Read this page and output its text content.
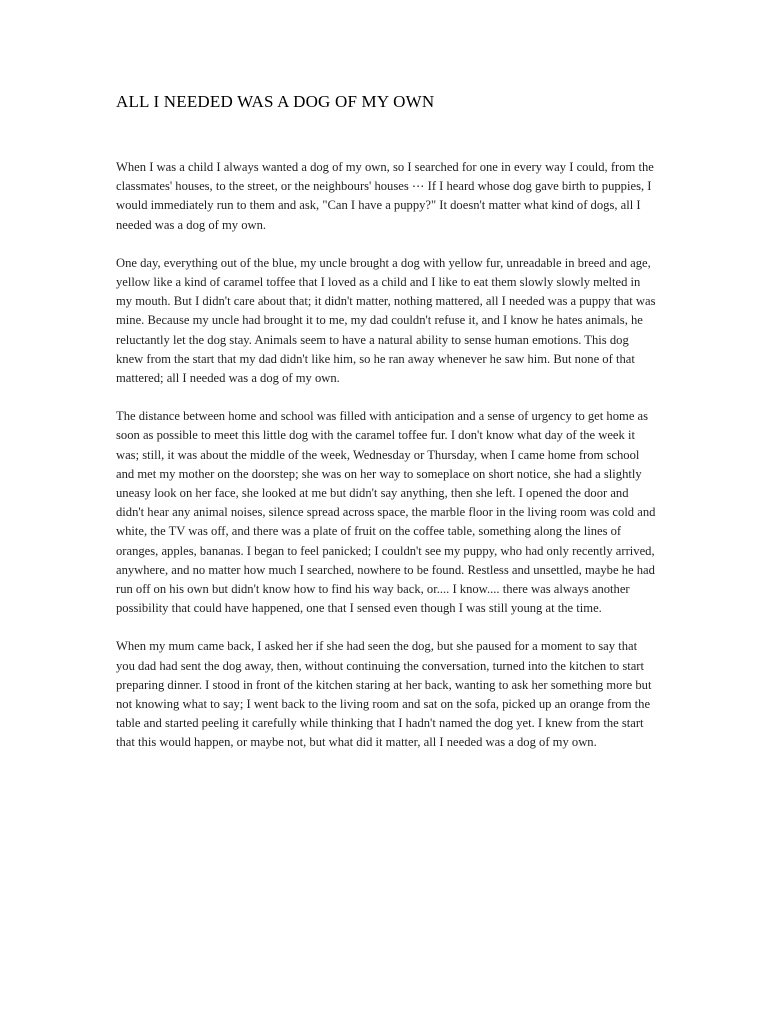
ALL I NEEDED WAS A DOG OF MY OWN

When I was a child I always wanted a dog of my own, so I searched for one in every way I could, from the classmates' houses, to the street, or the neighbours' houses ⋯ If I heard whose dog gave birth to puppies, I would immediately run to them and ask, "Can I have a puppy?" It doesn't matter what kind of dogs, all I needed was a dog of my own.

One day, everything out of the blue, my uncle brought a dog with yellow fur, unreadable in breed and age, yellow like a kind of caramel toffee that I loved as a child and I like to eat them slowly slowly melted in my mouth. But I didn't care about that; it didn't matter, nothing mattered, all I needed was a puppy that was mine. Because my uncle had brought it to me, my dad couldn't refuse it, and I know he hates animals, he reluctantly let the dog stay. Animals seem to have a natural ability to sense human emotions. This dog knew from the start that my dad didn't like him, so he ran away whenever he saw him. But none of that mattered; all I needed was a dog of my own.

The distance between home and school was filled with anticipation and a sense of urgency to get home as soon as possible to meet this little dog with the caramel toffee fur. I don't know what day of the week it was; still, it was about the middle of the week, Wednesday or Thursday, when I came home from school and met my mother on the doorstep; she was on her way to someplace on short notice, she had a slightly uneasy look on her face, she looked at me but didn't say anything, then she left. I opened the door and didn't hear any animal noises, silence spread across space, the marble floor in the living room was cold and white, the TV was off, and there was a plate of fruit on the coffee table, something along the lines of oranges, apples, bananas. I began to feel panicked; I couldn't see my puppy, who had only recently arrived, anywhere, and no matter how much I searched, nowhere to be found. Restless and unsettled, maybe he had run off on his own but didn't know how to find his way back, or.... I know.... there was always another possibility that could have happened, one that I sensed even though I was still young at the time.

When my mum came back, I asked her if she had seen the dog, but she paused for a moment to say that you dad had sent the dog away, then, without continuing the conversation, turned into the kitchen to start preparing dinner. I stood in front of the kitchen staring at her back, wanting to ask her something more but not knowing what to say; I went back to the living room and sat on the sofa, picked up an orange from the table and started peeling it carefully while thinking that I hadn't named the dog yet. I knew from the start that this would happen, or maybe not, but what did it matter, all I needed was a dog of my own.
